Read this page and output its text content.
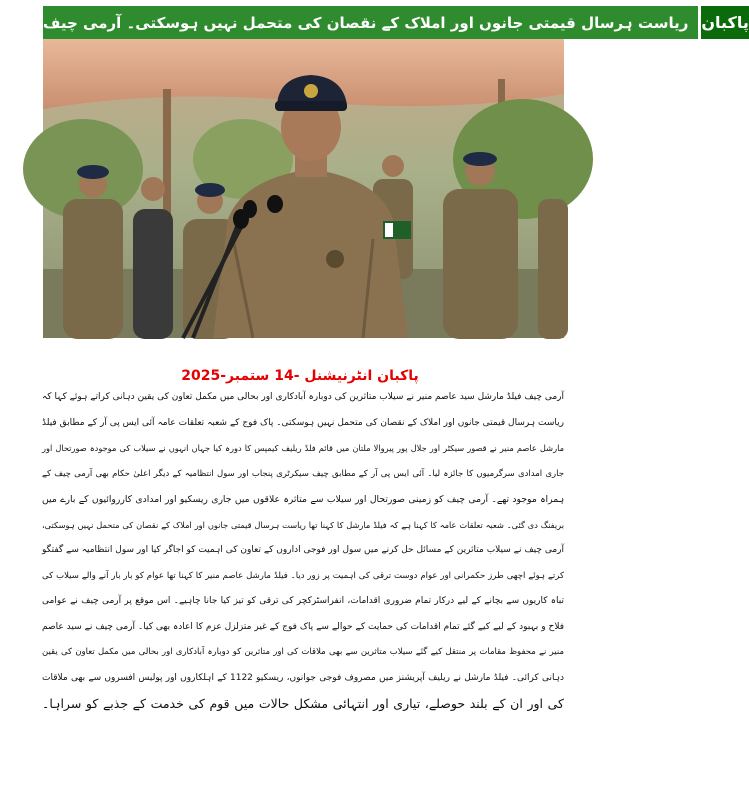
ریاست ہرسال قیمتی جانوں اور املاک کے نقصان کی متحمل نہیں ہوسکتی۔ آرمی چیف پاکبان
پاکبان انٹرنیشنل -14 ستمبر-2025
آرمی چیف فیلڈ مارشل سید عاصم منیر نے سیلاب متاثرین کی دوبارہ آبادکاری اور بحالی میں مکمل تعاون کی یقین دہانی کراتے ہوئے کہا کہ
ریاست ہرسال قیمتی جانوں اور املاک کے نقصان کی متحمل نہیں ہوسکتی۔ پاک فوج کے شعبہ تعلقات عامہ آئی ایس پی آر کے مطابق فیلڈ
مارشل عاصم منیر نے قصور سیکٹر اور جلال پور پیروالا ملتان میں قائم فلڈ ریلیف کیمپس کا دورہ کیا جہاں انہوں نے سیلاب کی موجودہ صورتحال اور
جاری امدادی سرگرمیوں کا جائزہ لیا۔ آئی ایس پی آر کے مطابق چیف سیکرٹری پنجاب اور سول انتظامیہ کے دیگر اعلیٰ حکام بھی آرمی چیف کے
ہمراہ موجود تھے۔ آرمی چیف کو زمینی صورتحال اور سیلاب سے متاثرہ علاقوں میں جاری ریسکیو اور امدادی کارروائیوں کے بارے میں
بریفنگ دی گئی۔ شعبہ تعلقات عامہ کا کہنا ہے کہ فیلڈ مارشل کا کہنا تھا ریاست ہرسال قیمتی جانوں اور املاک کے نقصان کی متحمل نہیں ہوسکتی،
آرمی چیف نے سیلاب متاثرین کے مسائل حل کرنے میں سول اور فوجی اداروں کے تعاون کی اہمیت کو اجاگر کیا اور سول انتظامیہ سے گفتگو
کرتے ہوئے اچھی طرز حکمرانی اور عوام دوست ترقی کی اہمیت پر زور دیا۔ فیلڈ مارشل عاصم منیر کا کہنا تھا عوام کو بار بار آنے والے سیلاب کی
تباہ کاریوں سے بچانے کے لیے درکار تمام ضروری اقدامات، انفراسٹرکچر کی ترقی کو تیز کیا جانا چاہیے۔ اس موقع پر آرمی چیف نے عوامی
فلاح و بہبود کے لیے کیے گئے تمام اقدامات کی حمایت کے حوالے سے پاک فوج کے غیر متزلزل عزم کا اعادہ بھی کیا۔ آرمی چیف نے سید عاصم
منیر نے محفوظ مقامات پر منتقل کیے گئے سیلاب متاثرین سے بھی ملاقات کی اور متاثرین کو دوبارہ آبادکاری اور بحالی میں مکمل تعاون کی یقین
دہانی کرائی۔ فیلڈ مارشل نے ریلیف آپریشنز میں مصروف فوجی جوانوں، ریسکیو 1122 کے اہلکاروں اور پولیس افسروں سے بھی ملاقات
کی اور ان کے بلند حوصلے، تیاری اور انتہائی مشکل حالات میں قوم کی خدمت کے جذبے کو سراہا۔
